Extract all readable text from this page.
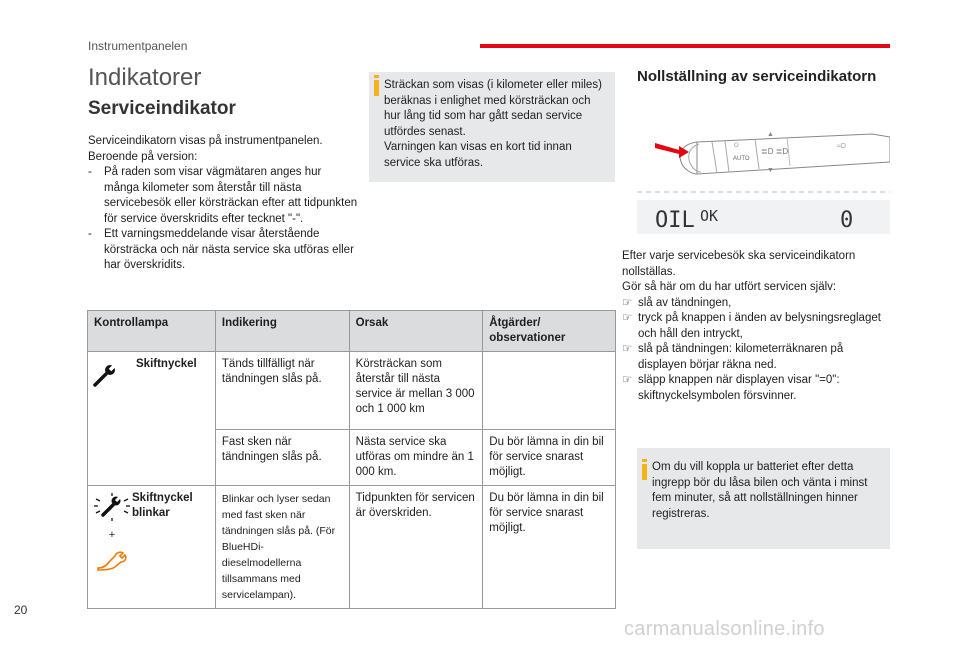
Instrumentpanelen
Indikatorer
Serviceindikator

Serviceindikatorn visas på instrumentpanelen.

Beroende på version:

- På raden som visar vägmätaren anges hur många kilometer som återstår till nästa servicebesök eller körsträckan efter att tidpunkten för service överskridits efter tecknet "-".

- Ett varningsmeddelande visar återstående körsträcka och när nästa service ska utföras eller har överskridits.

Sträckan som visas (i kilometer eller miles) beräknas i enlighet med körsträckan och hur lång tid som har gått sedan service utfördes senast.

Varningen kan visas en kort tid innan service ska utföras.

Kontrollampa	Indikering	Orsak	Åtgärder/ observationer

Skiftnyckel	Tänds tillfälligt när tändningen slås på.	Körsträckan som återstår till nästa service är mellan 3 000 och 1 000 km	
	Fast sken när tändningen slås på.	Nästa service ska utföras om mindre än 1 000 km.	Du bör lämna in din bil för service snarast möjligt.

+
Skiftnyckel blinkar	Blinkar och lyser sedan med fast sken när tändningen slås på. (För BlueHDi-dieselmodellerna tillsammans med servicelampan).	Tidpunkten för servicen är överskriden.	Du bör lämna in din bil för service snarast möjligt.
Nollställning av serviceindikatorn
O
AUTO
▲
▼
≣D ≣D
≈D
OIL OK	0

Efter varje servicebesök ska serviceindikatorn nollställas.

Gör så här om du har utfört servicen själv:

☞ slå av tändningen,

☞ tryck på knappen i änden av belysningsreglaget och håll den intryckt,

☞ slå på tändningen: kilometerräknaren på displayen börjar räkna ned.

☞ släpp knappen när displayen visar "=0": skiftnyckelsymbolen försvinner.

Om du vill koppla ur batteriet efter detta ingrepp bör du låsa bilen och vänta i minst fem minuter, så att nollställningen hinner registreras.

20
carmanualsonline.info
